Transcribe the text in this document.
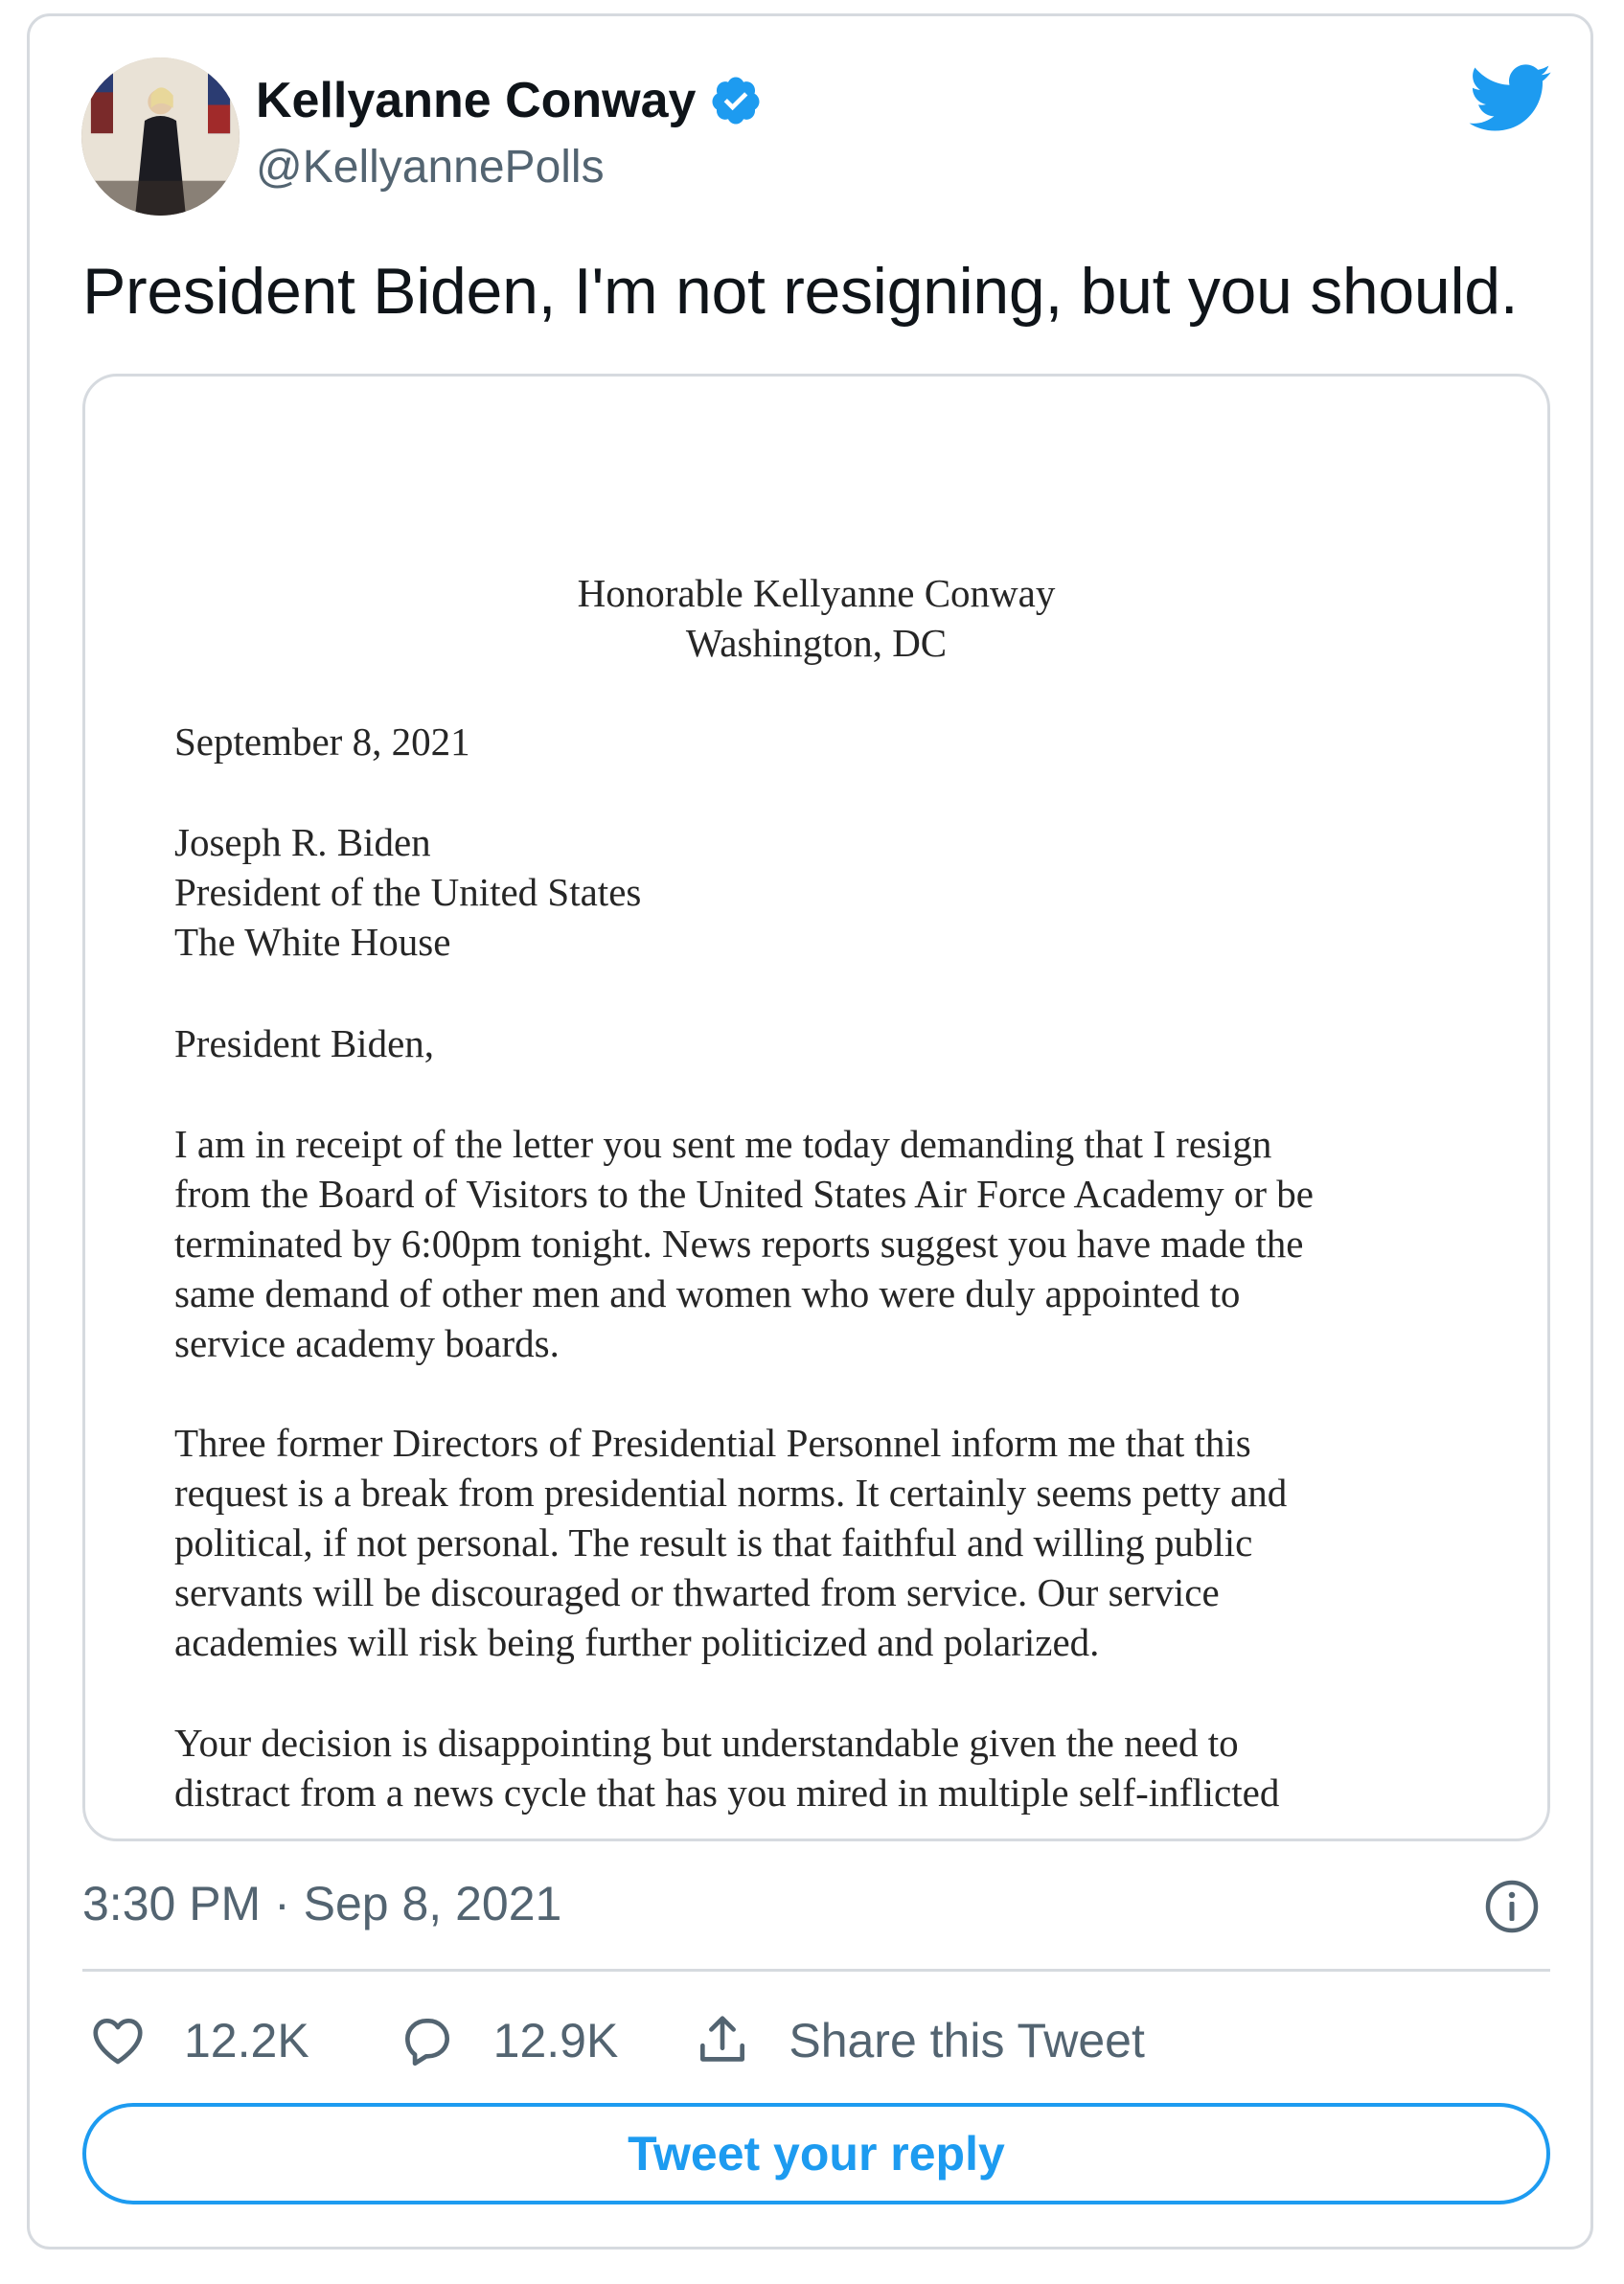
Kellyanne Conway
@KellyannePolls
President Biden, I'm not resigning, but you should.
Honorable Kellyanne Conway
Washington, DC
September 8, 2021
Joseph R. Biden
President of the United States
The White House
President Biden,
I am in receipt of the letter you sent me today demanding that I resign
from the Board of Visitors to the United States Air Force Academy or be
terminated by 6:00pm tonight. News reports suggest you have made the
same demand of other men and women who were duly appointed to
service academy boards.
Three former Directors of Presidential Personnel inform me that this
request is a break from presidential norms. It certainly seems petty and
political, if not personal. The result is that faithful and willing public
servants will be discouraged or thwarted from service. Our service
academies will risk being further politicized and polarized.
Your decision is disappointing but understandable given the need to
distract from a news cycle that has you mired in multiple self-inflicted
3:30 PM · Sep 8, 2021
12.2K	12.9K	Share this Tweet
Tweet your reply
